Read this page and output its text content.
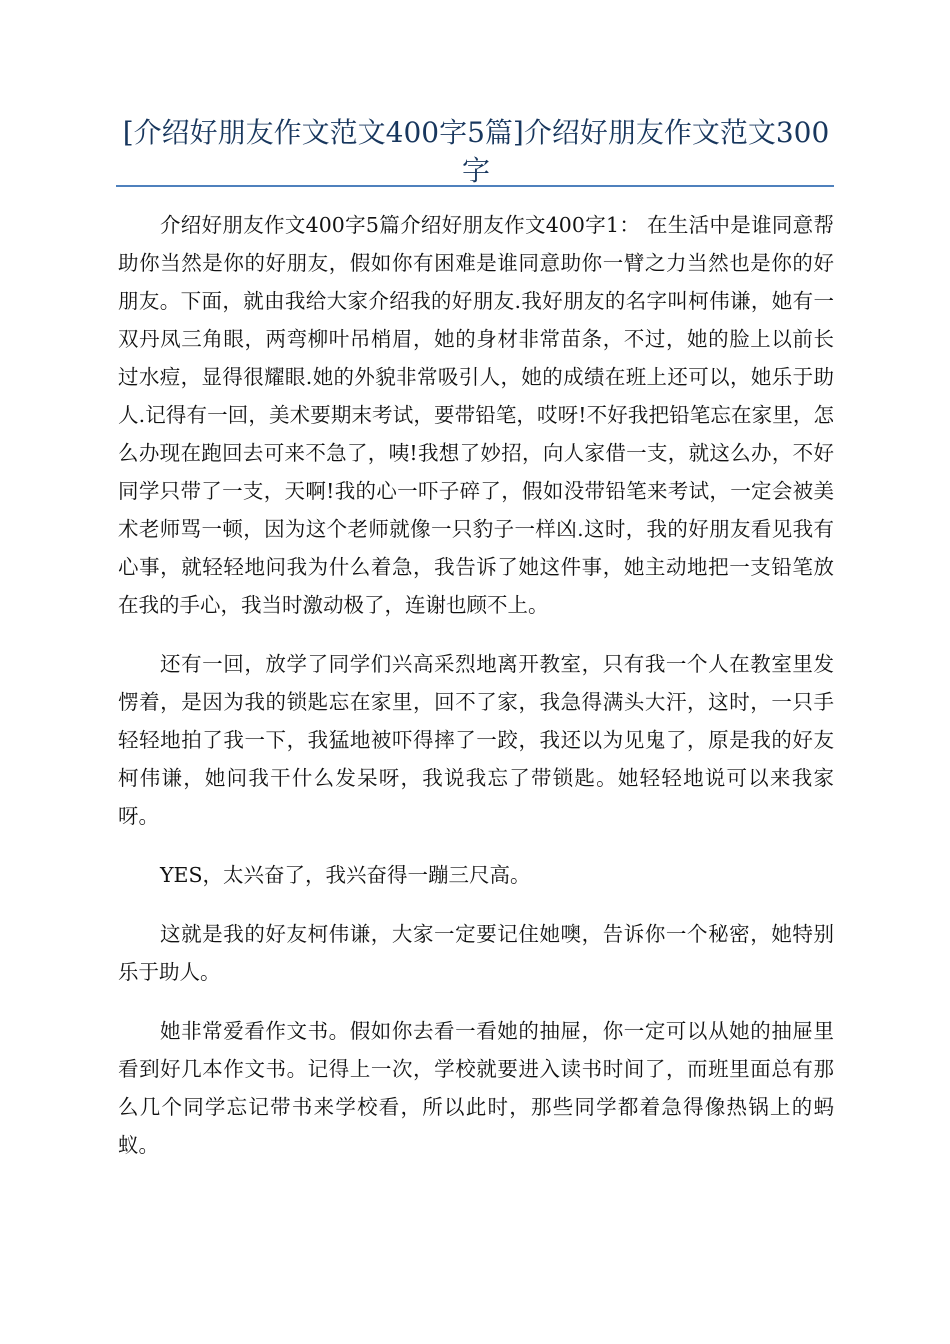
[介绍好朋友作文范文400字5篇]介绍好朋友作文范文300字

介绍好朋友作文400字5篇介绍好朋友作文400字1： 在生活中是谁同意帮助你当然是你的好朋友，假如你有困难是谁同意助你一臂之力当然也是你的好朋友。下面，就由我给大家介绍我的好朋友.我好朋友的名字叫柯伟谦，她有一双丹凤三角眼，两弯柳叶吊梢眉，她的身材非常苗条，不过，她的脸上以前长过水痘，显得很耀眼.她的外貌非常吸引人，她的成绩在班上还可以，她乐于助人.记得有一回，美术要期末考试，要带铅笔，哎呀!不好我把铅笔忘在家里，怎么办现在跑回去可来不急了，咦!我想了妙招，向人家借一支，就这么办，不好同学只带了一支，天啊!我的心一吓子碎了，假如没带铅笔来考试，一定会被美术老师骂一顿，因为这个老师就像一只豹子一样凶.这时，我的好朋友看见我有心事，就轻轻地问我为什么着急，我告诉了她这件事，她主动地把一支铅笔放在我的手心，我当时激动极了，连谢也顾不上。

还有一回，放学了同学们兴高采烈地离开教室，只有我一个人在教室里发愣着，是因为我的锁匙忘在家里，回不了家，我急得满头大汗，这时，一只手轻轻地拍了我一下，我猛地被吓得摔了一跤，我还以为见鬼了，原是我的好友柯伟谦，她问我干什么发呆呀，我说我忘了带锁匙。她轻轻地说可以来我家呀。

YES，太兴奋了，我兴奋得一蹦三尺高。

这就是我的好友柯伟谦，大家一定要记住她噢，告诉你一个秘密，她特别乐于助人。

她非常爱看作文书。假如你去看一看她的抽屉，你一定可以从她的抽屉里看到好几本作文书。记得上一次，学校就要进入读书时间了，而班里面总有那么几个同学忘记带书来学校看，所以此时，那些同学都着急得像热锅上的蚂蚁。
